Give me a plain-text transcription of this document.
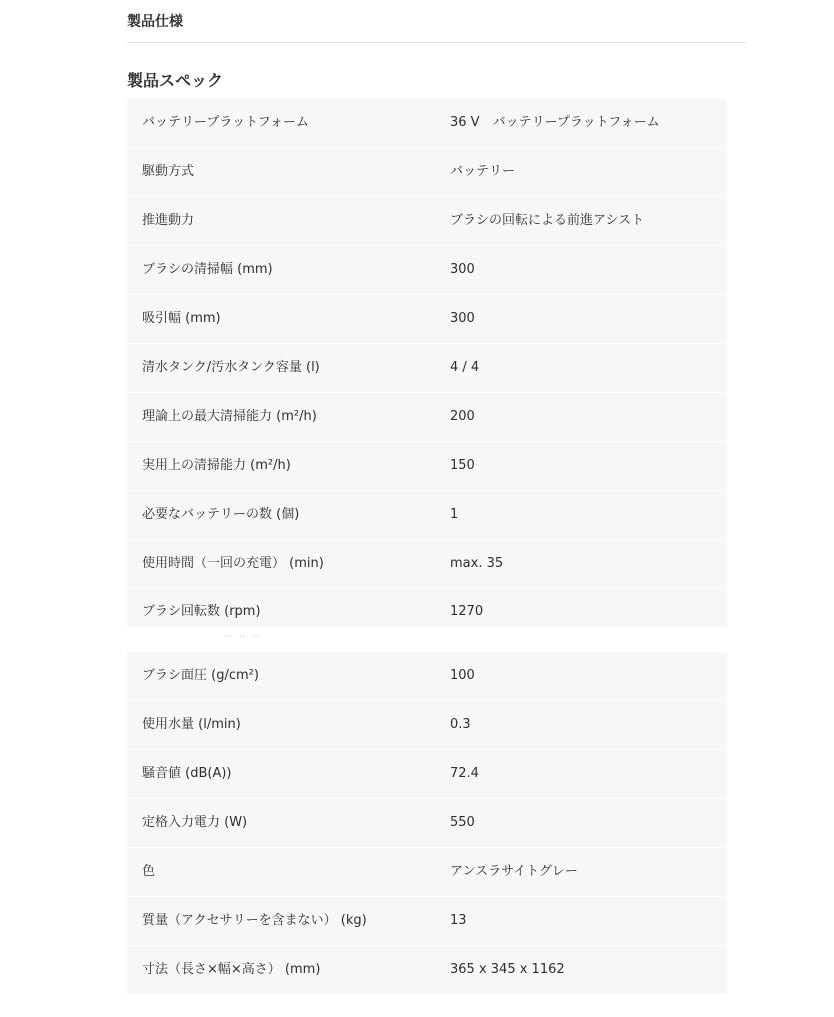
製品仕様
製品スペック
バッテリープラットフォーム	36 V　バッテリープラットフォーム
駆動方式	バッテリー
推進動力	ブラシの回転による前進アシスト
ブラシの清掃幅 (mm)	300
吸引幅 (mm)	300
清水タンク/汚水タンク容量 (l)	4 / 4
理論上の最大清掃能力 (m²/h)	200
実用上の清掃能力 (m²/h)	150
必要なバッテリーの数 (個)	1
使用時間（一回の充電） (min)	max. 35
ブラシ回転数 (rpm)	1270
‥ ‥ ‥
ブラシ面圧 (g/cm²)	100
使用水量 (l/min)	0.3
騒音値 (dB(A))	72.4
定格入力電力 (W)	550
色	アンスラサイトグレー
質量（アクセサリーを含まない） (kg)	13
寸法（長さ×幅×高さ） (mm)	365 x 345 x 1162
